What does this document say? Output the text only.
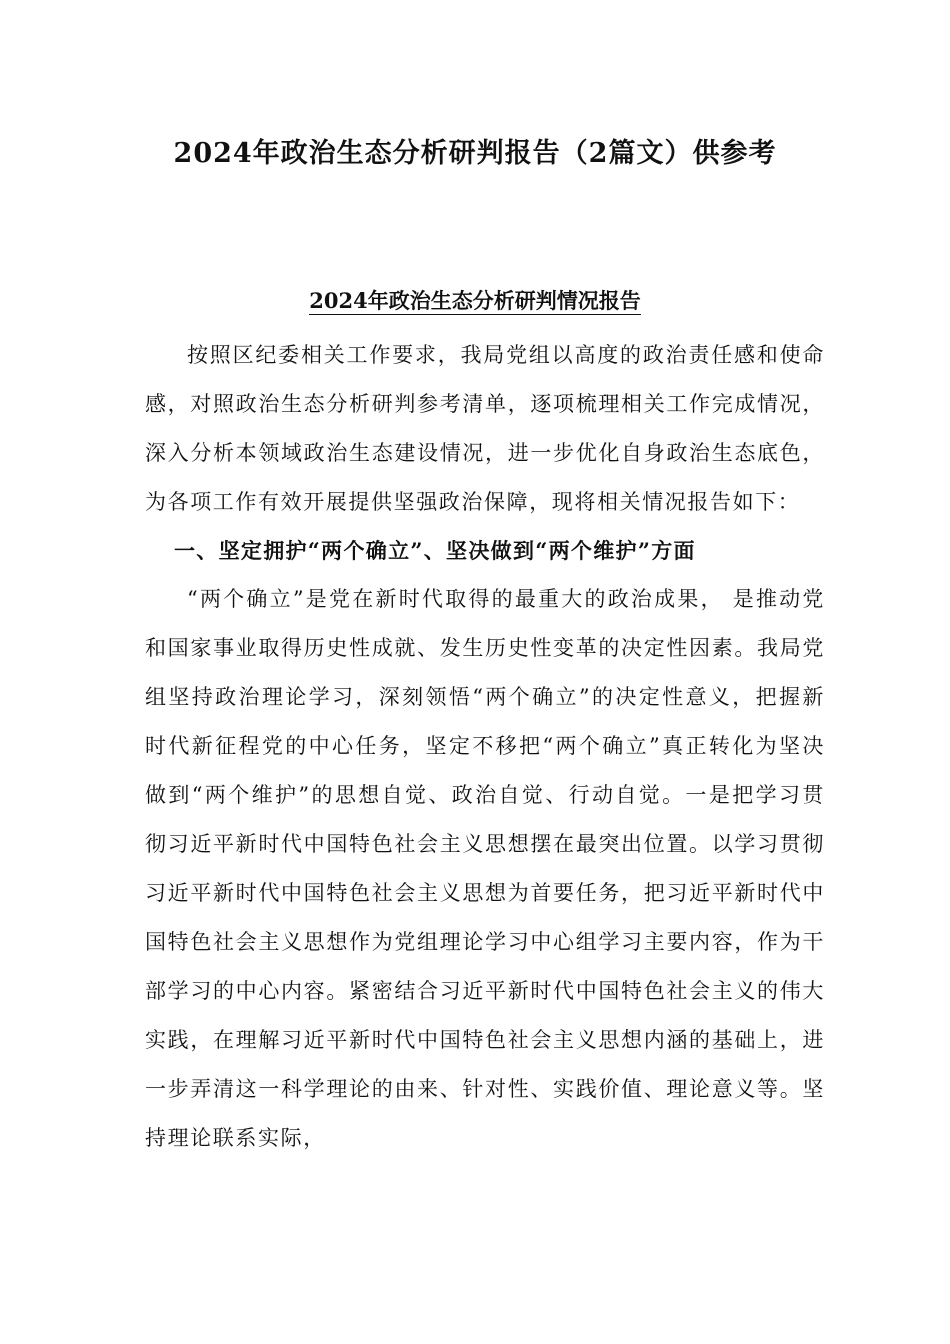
2024年政治生态分析研判报告（2篇文）供参考
2024年政治生态分析研判情况报告

按照区纪委相关工作要求，我局党组以高度的政治责任感和使命感，对照政治生态分析研判参考清单，逐项梳理相关工作完成情况，深入分析本领域政治生态建设情况，进一步优化自身政治生态底色，为各项工作有效开展提供坚强政治保障，现将相关情况报告如下：

一、坚定拥护“两个确立”、坚决做到“两个维护”方面

“两个确立”是党在新时代取得的最重大的政治成果， 是推动党和国家事业取得历史性成就、发生历史性变革的决定性因素。我局党组坚持政治理论学习，深刻领悟“两个确立”的决定性意义，把握新时代新征程党的中心任务，坚定不移把“两个确立”真正转化为坚决做到“两个维护”的思想自觉、政治自觉、行动自觉。一是把学习贯彻习近平新时代中国特色社会主义思想摆在最突出位置。以学习贯彻习近平新时代中国特色社会主义思想为首要任务，把习近平新时代中国特色社会主义思想作为党组理论学习中心组学习主要内容，作为干部学习的中心内容。紧密结合习近平新时代中国特色社会主义的伟大实践，在理解习近平新时代中国特色社会主义思想内涵的基础上，进一步弄清这一科学理论的由来、针对性、实践价值、理论意义等。坚持理论联系实际，
